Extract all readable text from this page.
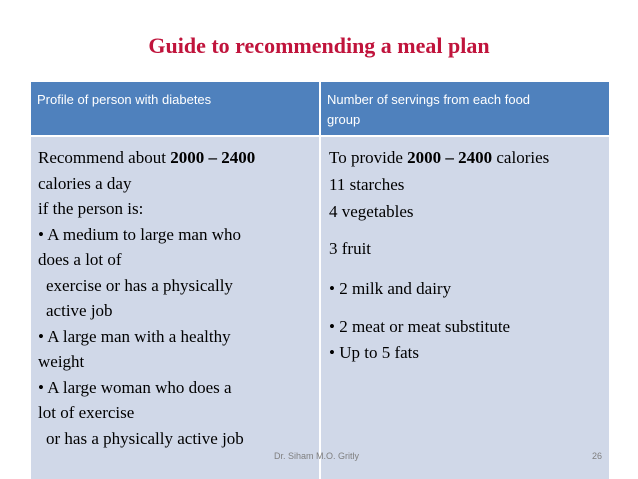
Guide to recommending a meal plan
Profile of person with diabetes	Number of servings from each food
group
Recommend about 2000 – 2400
calories a day
if the person is:
• A medium to large man who
does a lot of
exercise or has a physically
active job
• A large man with a healthy
weight
• A large woman who does a
lot of exercise
or has a physically active job
To provide 2000 – 2400 calories
11 starches
4 vegetables
3 fruit
• 2 milk and dairy
• 2 meat or meat substitute
• Up to 5 fats
Dr. Siham M.O. Gritly	26
